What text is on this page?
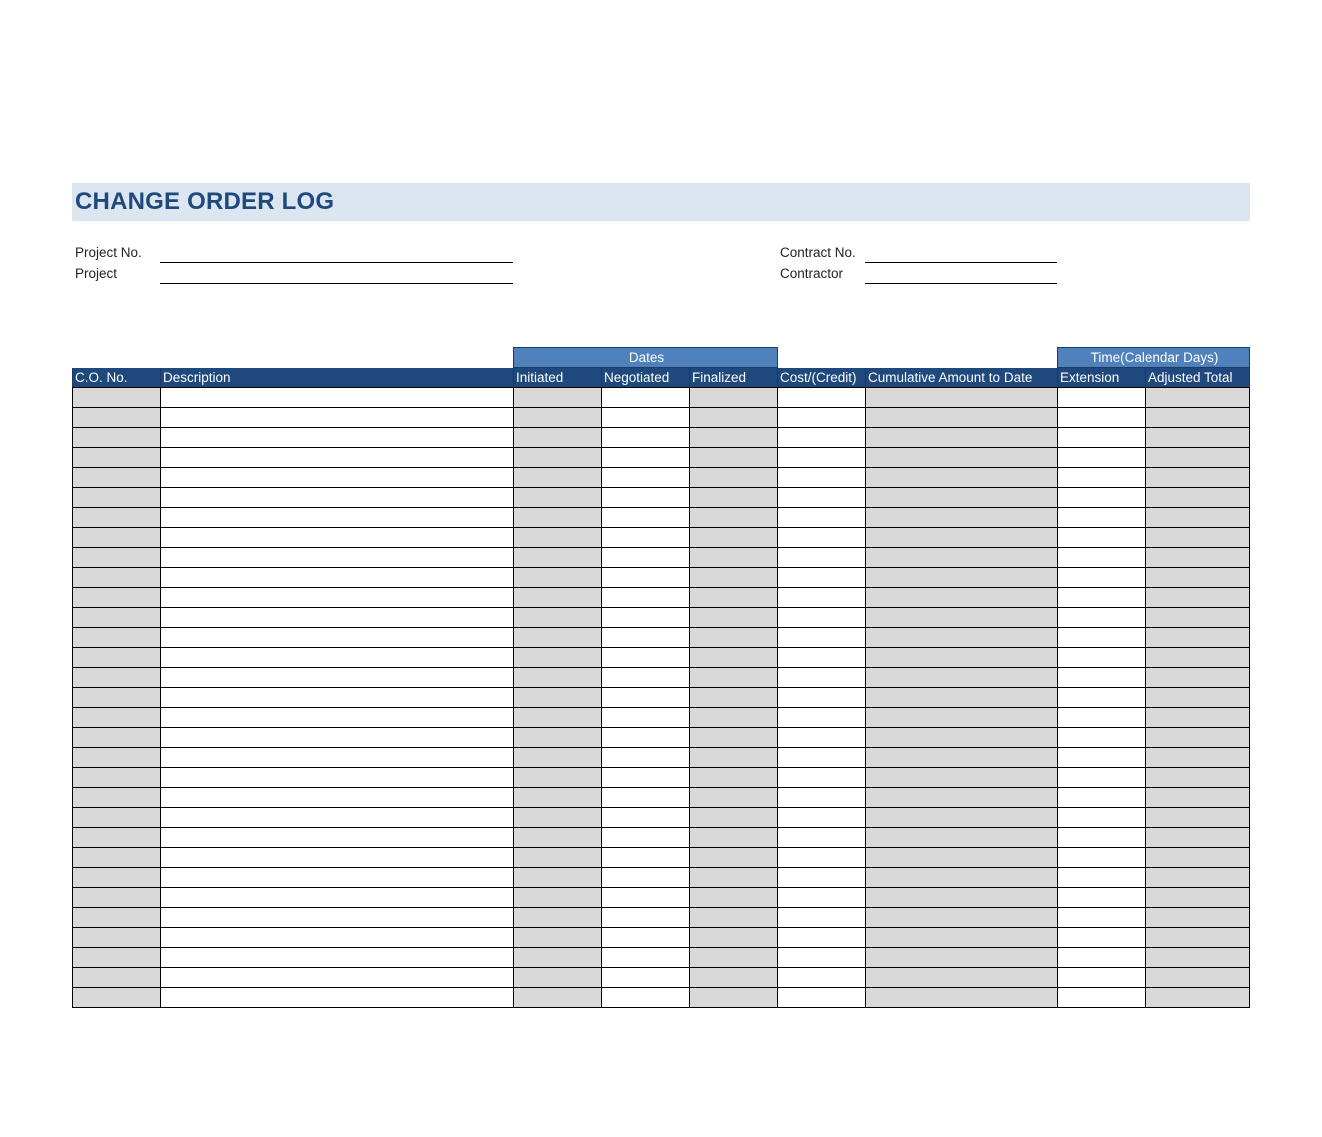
CHANGE ORDER LOG
Project No.
Project
Contract No.
Contractor
		Dates					Time(Calendar Days)	
C.O. No.	Description	Initiated	Negotiated	Finalized	Cost/(Credit)	Cumulative Amount to Date	Extension	Adjusted Total
